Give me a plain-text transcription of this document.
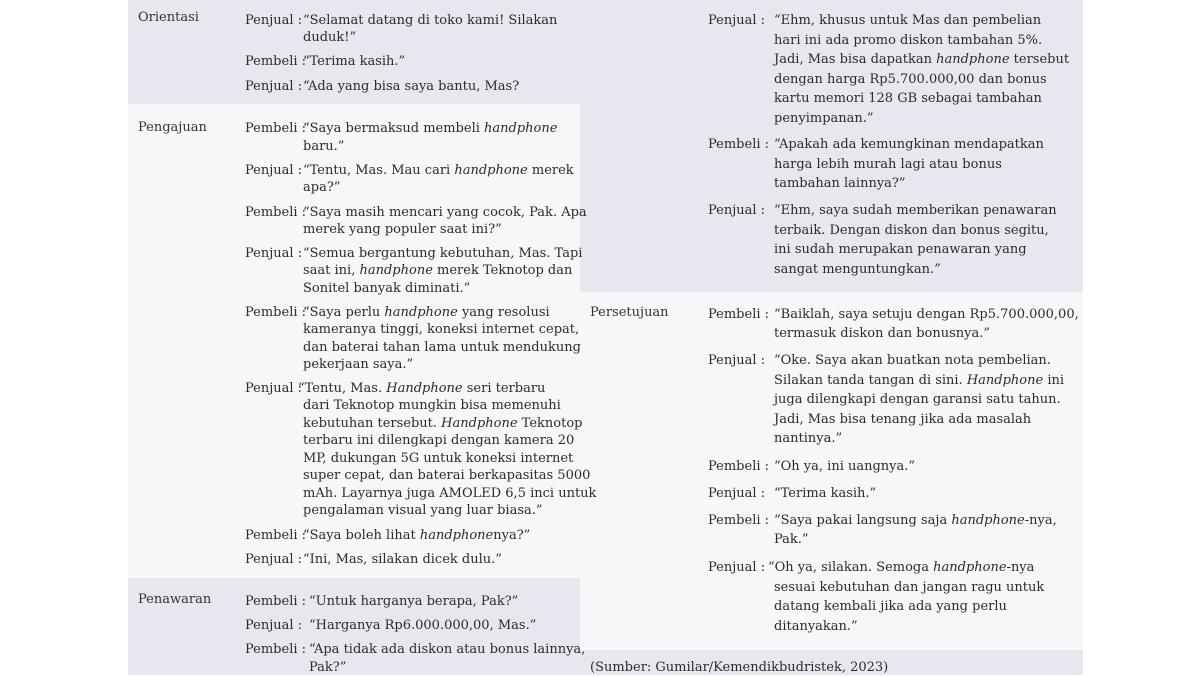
Orientasi
Pengajuan
Penawaran
Persetujuan
(Sumber: Gumilar/Kemendikbudristek, 2023)
Penjual : “Selamat datang di toko kami! Silakan
duduk!”
Pembeli :
“Terima kasih.”
Penjual : “Ada yang bisa saya bantu, Mas?
Pembeli :
“Saya bermaksud membeli handphone
baru.”
Penjual : “Tentu, Mas. Mau cari handphone merek
apa?”
Pembeli :
“Saya masih mencari yang cocok, Pak. Apa
merek yang populer saat ini?”
Penjual : “Semua bergantung kebutuhan, Mas. Tapi
saat ini, handphone merek Teknotop dan
Sonitel banyak diminati.”
Pembeli :
“Saya perlu handphone yang resolusi
kameranya tinggi, koneksi internet cepat,
dan baterai tahan lama untuk mendukung
pekerjaan saya.”
Penjual :
“Tentu, Mas. Handphone seri terbaru
dari Teknotop mungkin bisa memenuhi
kebutuhan tersebut. Handphone Teknotop
terbaru ini dilengkapi dengan kamera 20
MP, dukungan 5G untuk koneksi internet
super cepat, dan baterai berkapasitas 5000
mAh. Layarnya juga AMOLED 6,5 inci untuk
pengalaman visual yang luar biasa.”
Pembeli :
“Saya boleh lihat handphonenya?”
Penjual : “Ini, Mas, silakan dicek dulu.”
Pembeli : “Untuk harganya berapa, Pak?”
Penjual : “Harganya Rp6.000.000,00, Mas.”
Pembeli : “Apa tidak ada diskon atau bonus lainnya,
Pak?”
Penjual : “Ehm, khusus untuk Mas dan pembelian
hari ini ada promo diskon tambahan 5%.
Jadi, Mas bisa dapatkan handphone tersebut
dengan harga Rp5.700.000,00 dan bonus
kartu memori 128 GB sebagai tambahan
penyimpanan.”
Pembeli : “Apakah ada kemungkinan mendapatkan
harga lebih murah lagi atau bonus
tambahan lainnya?”
Penjual : “Ehm, saya sudah memberikan penawaran
terbaik. Dengan diskon dan bonus segitu,
ini sudah merupakan penawaran yang
sangat menguntungkan.”
Pembeli : “Baiklah, saya setuju dengan Rp5.700.000,00,
termasuk diskon dan bonusnya.”
Penjual : “Oke. Saya akan buatkan nota pembelian.
Silakan tanda tangan di sini. Handphone ini
juga dilengkapi dengan garansi satu tahun.
Jadi, Mas bisa tenang jika ada masalah
nantinya.”
Pembeli : “Oh ya, ini uangnya.”
Penjual : “Terima kasih.”
Pembeli : “Saya pakai langsung saja handphone-nya,
Pak.”
Penjual : “Oh ya, silakan. Semoga handphone-nya
sesuai kebutuhan dan jangan ragu untuk
datang kembali jika ada yang perlu
ditanyakan.”
